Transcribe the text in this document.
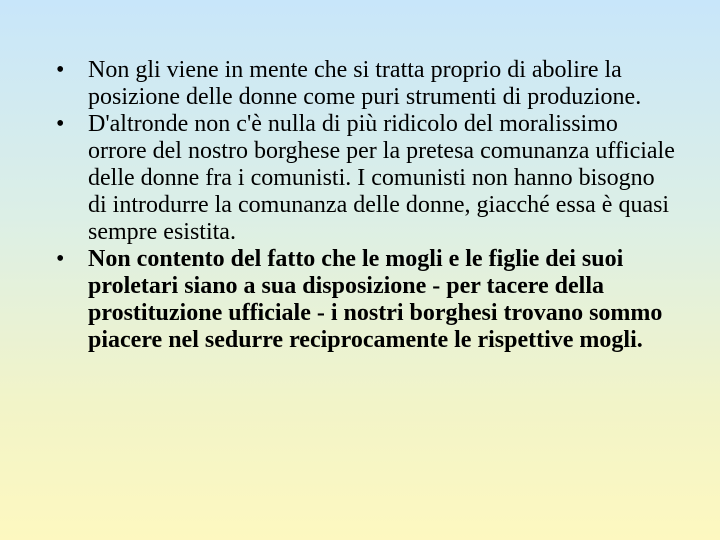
• Non gli viene in mente che si tratta proprio di abolire la posizione delle donne come puri strumenti di produzione.
• D'altronde non c'è nulla di più ridicolo del moralissimo orrore del nostro borghese per la pretesa comunanza ufficiale delle donne fra i comunisti. I comunisti non hanno bisogno di introdurre la comunanza delle donne, giacché essa è quasi sempre esistita.
• Non contento del fatto che le mogli e le figlie dei suoi proletari siano a sua disposizione - per tacere della prostituzione ufficiale - i nostri borghesi trovano sommo piacere nel sedurre reciprocamente le rispettive mogli.
